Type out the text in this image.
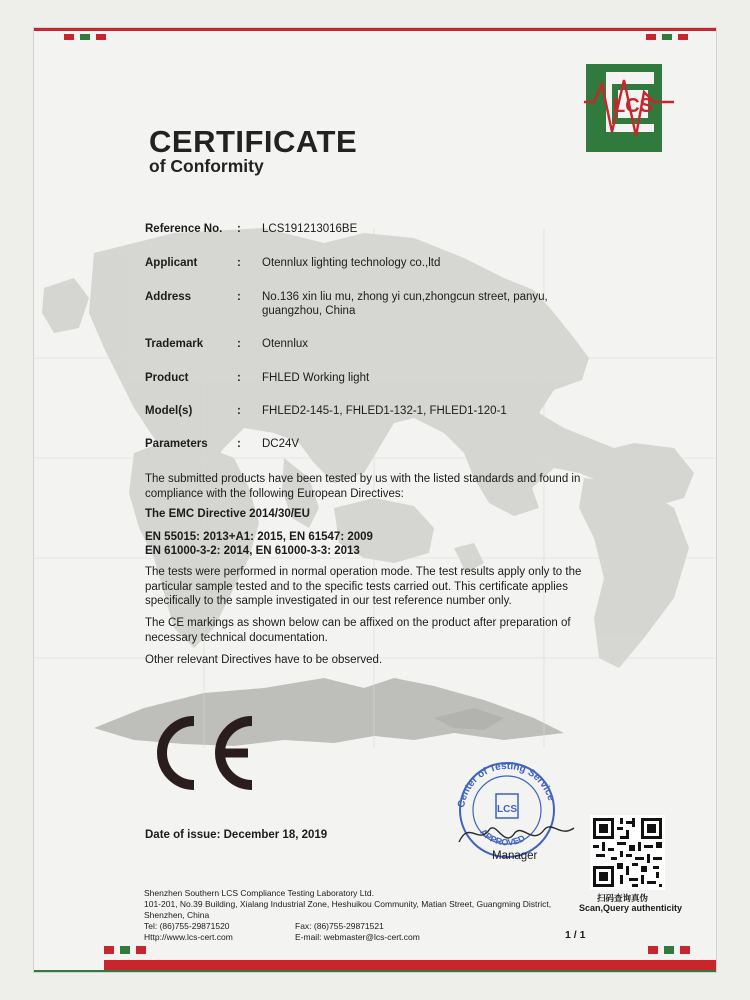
LCS
CERTIFICATE
of Conformity
Reference No.	: LCS191213016BE
Applicant	: Otennlux lighting technology co.,ltd
Address	: No.136 xin liu mu, zhong yi cun,zhongcun street, panyu, guangzhou, China
Trademark	: Otennlux
Product	: FHLED Working light
Model(s)	: FHLED2-145-1, FHLED1-132-1, FHLED1-120-1
Parameters	: DC24V
The submitted products have been tested by us with the listed standards and found in compliance with the following European Directives:
The EMC Directive 2014/30/EU
EN 55015: 2013+A1: 2015, EN 61547: 2009
EN 61000-3-2: 2014, EN 61000-3-3: 2013
The tests were performed in normal operation mode. The test results apply only to the particular sample tested and to the specific tests carried out. This certificate applies specifically to the sample investigated in our test reference number only.
The CE markings as shown below can be affixed on the product after preparation of necessary technical documentation.
Other relevant Directives have to be observed.
Date of issue: December 18, 2019
Center of Testing Service
LCS
APPROVED
Manager
扫码查询真伪
Scan,Query authenticity
Shenzhen Southern LCS Compliance Testing Laboratory Ltd.
101-201, No.39 Building, Xialang Industrial Zone, Heshuikou Community, Matian Street, Guangming District,
Shenzhen, China
Tel: (86)755-29871520	Fax: (86)755-29871521
Http://www.lcs-cert.com	E-mail: webmaster@lcs-cert.com	1 / 1
